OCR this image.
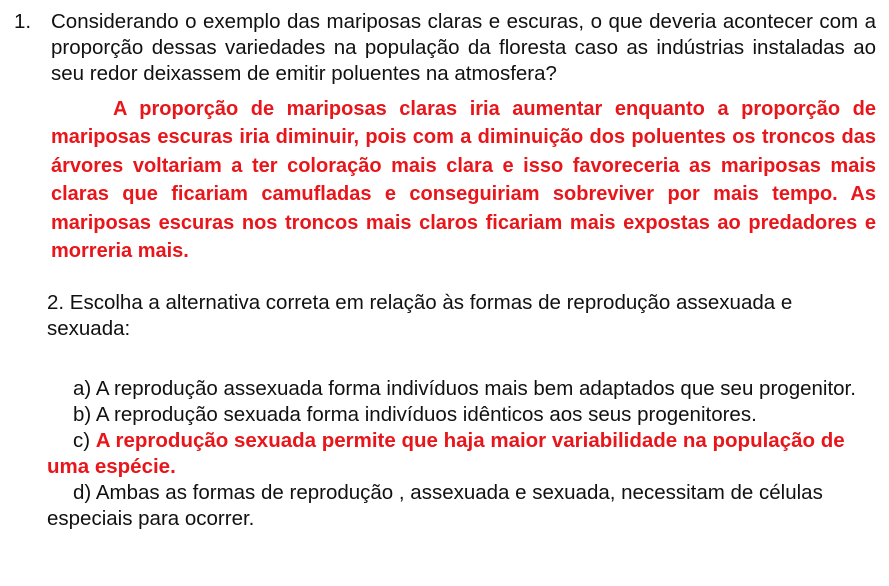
1. Considerando o exemplo das mariposas claras e escuras, o que deveria acontecer com a proporção dessas variedades na população da floresta caso as indústrias instaladas ao seu redor deixassem de emitir poluentes na atmosfera?
A proporção de mariposas claras iria aumentar enquanto a proporção de mariposas escuras iria diminuir, pois com a diminuição dos poluentes os troncos das árvores voltariam a ter coloração mais clara e isso favoreceria as mariposas mais claras que ficariam camufladas e conseguiriam sobreviver por mais tempo. As mariposas escuras nos troncos mais claros ficariam mais expostas ao predadores e morreria mais.
2. Escolha a alternativa correta em relação às formas de reprodução assexuada e sexuada:

a) A reprodução assexuada forma indivíduos mais bem adaptados que seu progenitor.

b) A reprodução sexuada forma indivíduos idênticos aos seus progenitores.

c) A reprodução sexuada permite que haja maior variabilidade na população de uma espécie.

d) Ambas as formas de reprodução , assexuada e sexuada, necessitam de células especiais para ocorrer.
